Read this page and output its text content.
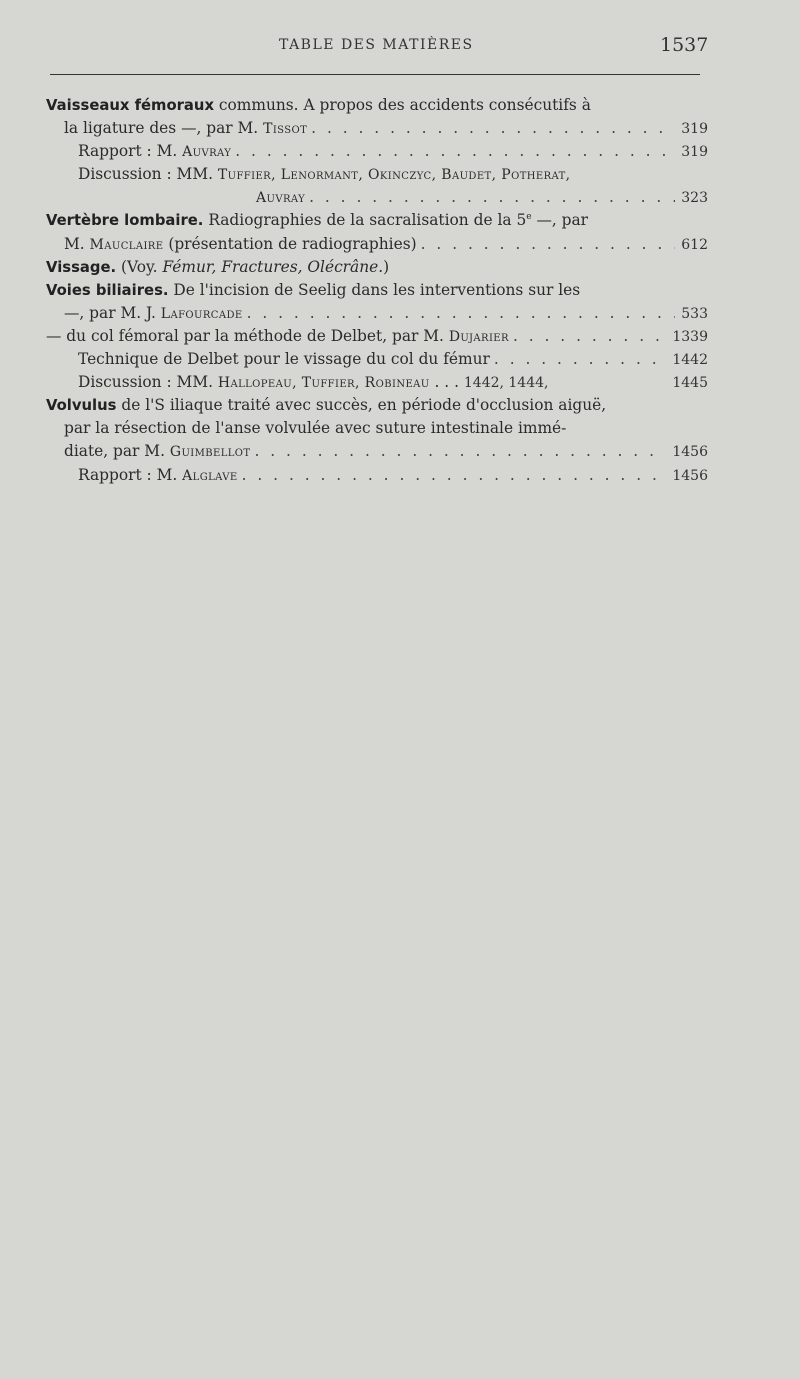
TABLE DES MATIÈRES	1537
Vaisseaux fémoraux communs. A propos des accidents consécutifs à
la ligature des —, par M. Tissot . . .	319
Rapport : M. Auvray . . .	319
Discussion : MM. Tuffier, Lenormant, Okinczyc, Baudet, Potherat,
Auvray . . .	323
Vertèbre lombaire. Radiographies de la sacralisation de la 5e —, par
M. Mauclaire (présentation de radiographies) . . .	612
Vissage. (Voy. Fémur, Fractures, Olécrâne.)
Voies biliaires. De l'incision de Seelig dans les interventions sur les
—, par M. J. Lafourcade . . .	533
— du col fémoral par la méthode de Delbet, par M. Dujarier . . .	1339
Technique de Delbet pour le vissage du col du fémur . . .	1442
Discussion : MM. Hallopeau, Tuffier, Robineau . . . 1442, 1444,	1445
Volvulus de l'S iliaque traité avec succès, en période d'occlusion aiguë,
par la résection de l'anse volvulée avec suture intestinale immé-
diate, par M. Guimbellot . . .	1456
Rapport : M. Alglave . . .	1456
